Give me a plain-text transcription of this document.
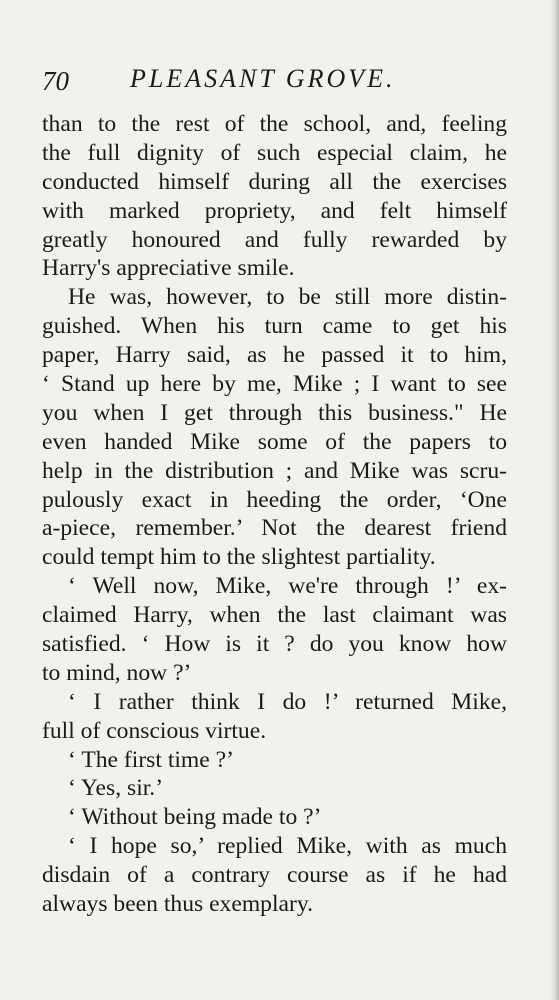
70 PLEASANT GROVE.
than to the rest of the school, and, feeling
the full dignity of such especial claim, he
conducted himself during all the exercises
with marked propriety, and felt himself
greatly honoured and fully rewarded by
Harry's appreciative smile.
He was, however, to be still more distin-
guished. When his turn came to get his
paper, Harry said, as he passed it to him,
‘ Stand up here by me, Mike ; I want to see
you when I get through this business." He
even handed Mike some of the papers to
help in the distribution ; and Mike was scru-
pulously exact in heeding the order, ‘One
a-piece, remember.’ Not the dearest friend
could tempt him to the slightest partiality.
‘ Well now, Mike, we're through !’ ex-
claimed Harry, when the last claimant was
satisfied. ‘ How is it ? do you know how
to mind, now ?’
‘ I rather think I do !’ returned Mike,
full of conscious virtue.
‘ The first time ?’
‘ Yes, sir.’
‘ Without being made to ?’
‘ I hope so,’ replied Mike, with as much
disdain of a contrary course as if he had
always been thus exemplary.
